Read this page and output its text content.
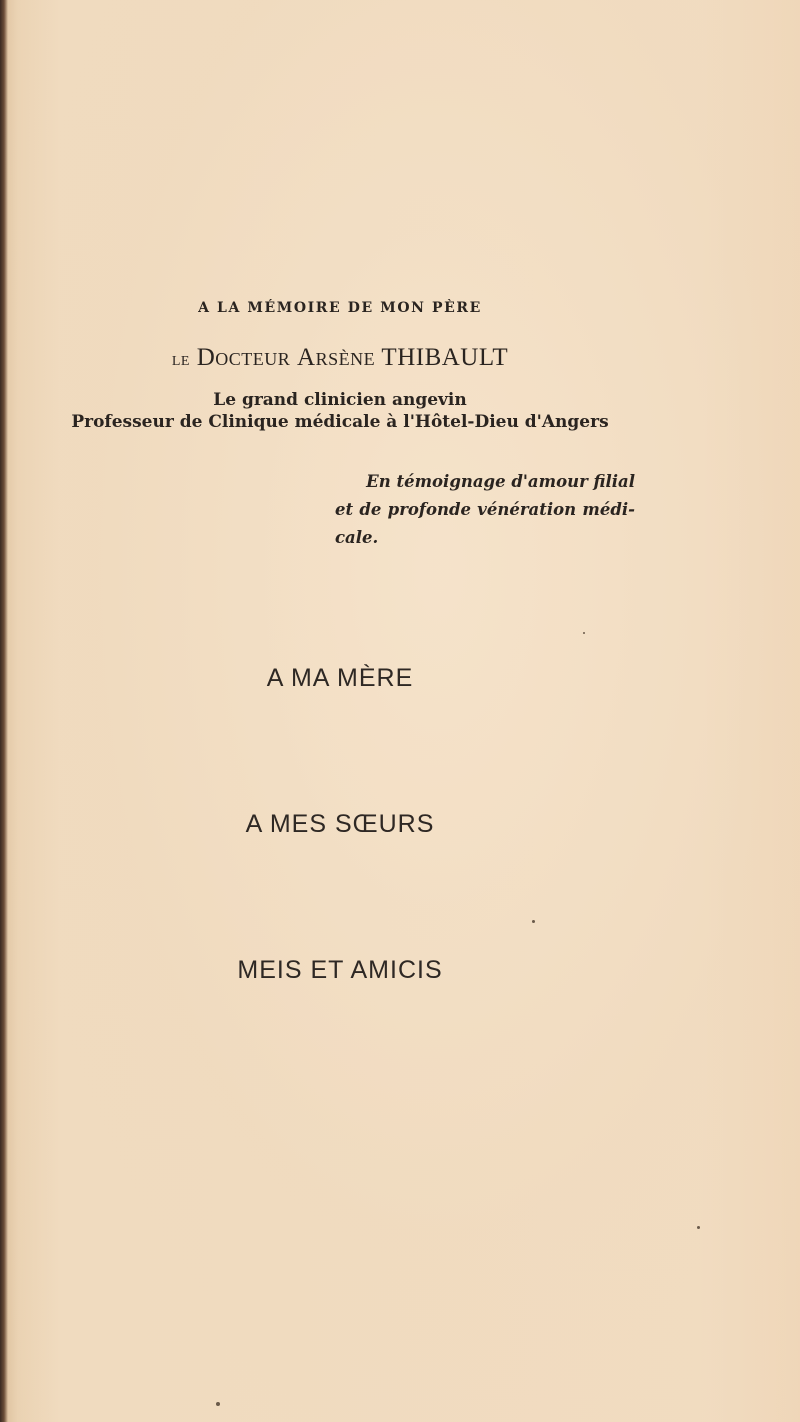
A LA MÉMOIRE DE MON PÈRE
le Docteur Arsène THIBAULT
Le grand clinicien angevin
Professeur de Clinique médicale à l'Hôtel-Dieu d'Angers
En témoignage d'amour filial
et de profonde vénération médi-
cale.
A MA MÈRE
A MES SŒURS
MEIS ET AMICIS
